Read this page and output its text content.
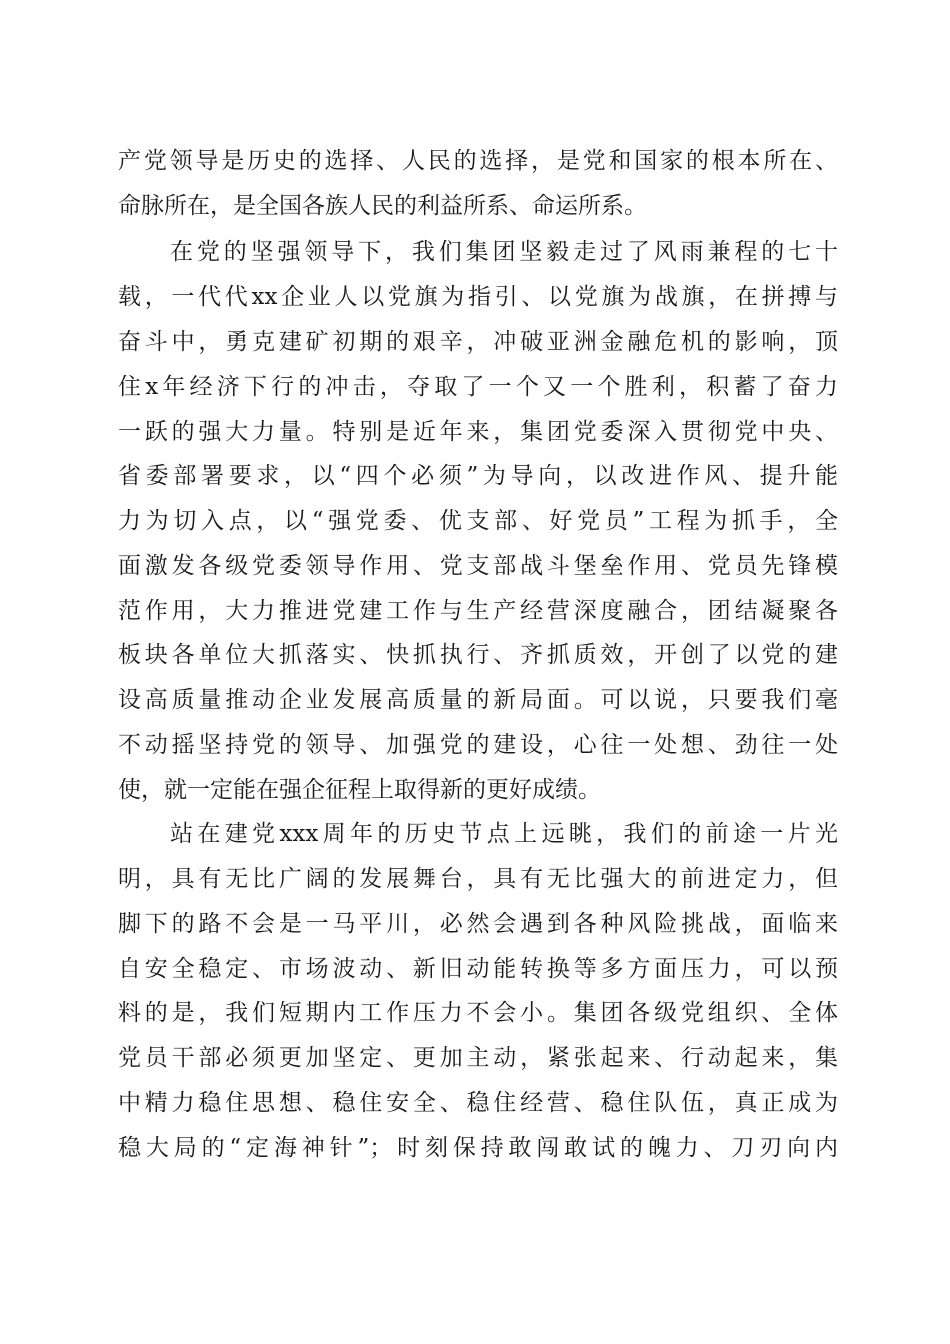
产党领导是历史的选择、人民的选择，是党和国家的根本所在、

命脉所在，是全国各族人民的利益所系、命运所系。

在党的坚强领导下，我们集团坚毅走过了风雨兼程的七十

载，一代代xx企业人以党旗为指引、以党旗为战旗，在拼搏与

奋斗中，勇克建矿初期的艰辛，冲破亚洲金融危机的影响，顶

住x年经济下行的冲击，夺取了一个又一个胜利，积蓄了奋力

一跃的强大力量。特别是近年来，集团党委深入贯彻党中央、

省委部署要求，以“四个必须”为导向，以改进作风、提升能

力为切入点，以“强党委、优支部、好党员”工程为抓手，全

面激发各级党委领导作用、党支部战斗堡垒作用、党员先锋模

范作用，大力推进党建工作与生产经营深度融合，团结凝聚各

板块各单位大抓落实、快抓执行、齐抓质效，开创了以党的建

设高质量推动企业发展高质量的新局面。可以说，只要我们毫

不动摇坚持党的领导、加强党的建设，心往一处想、劲往一处

使，就一定能在强企征程上取得新的更好成绩。

站在建党xxx周年的历史节点上远眺，我们的前途一片光

明，具有无比广阔的发展舞台，具有无比强大的前进定力，但

脚下的路不会是一马平川，必然会遇到各种风险挑战，面临来

自安全稳定、市场波动、新旧动能转换等多方面压力，可以预

料的是，我们短期内工作压力不会小。集团各级党组织、全体

党员干部必须更加坚定、更加主动，紧张起来、行动起来，集

中精力稳住思想、稳住安全、稳住经营、稳住队伍，真正成为

稳大局的“定海神针”；时刻保持敢闯敢试的魄力、刀刃向内
